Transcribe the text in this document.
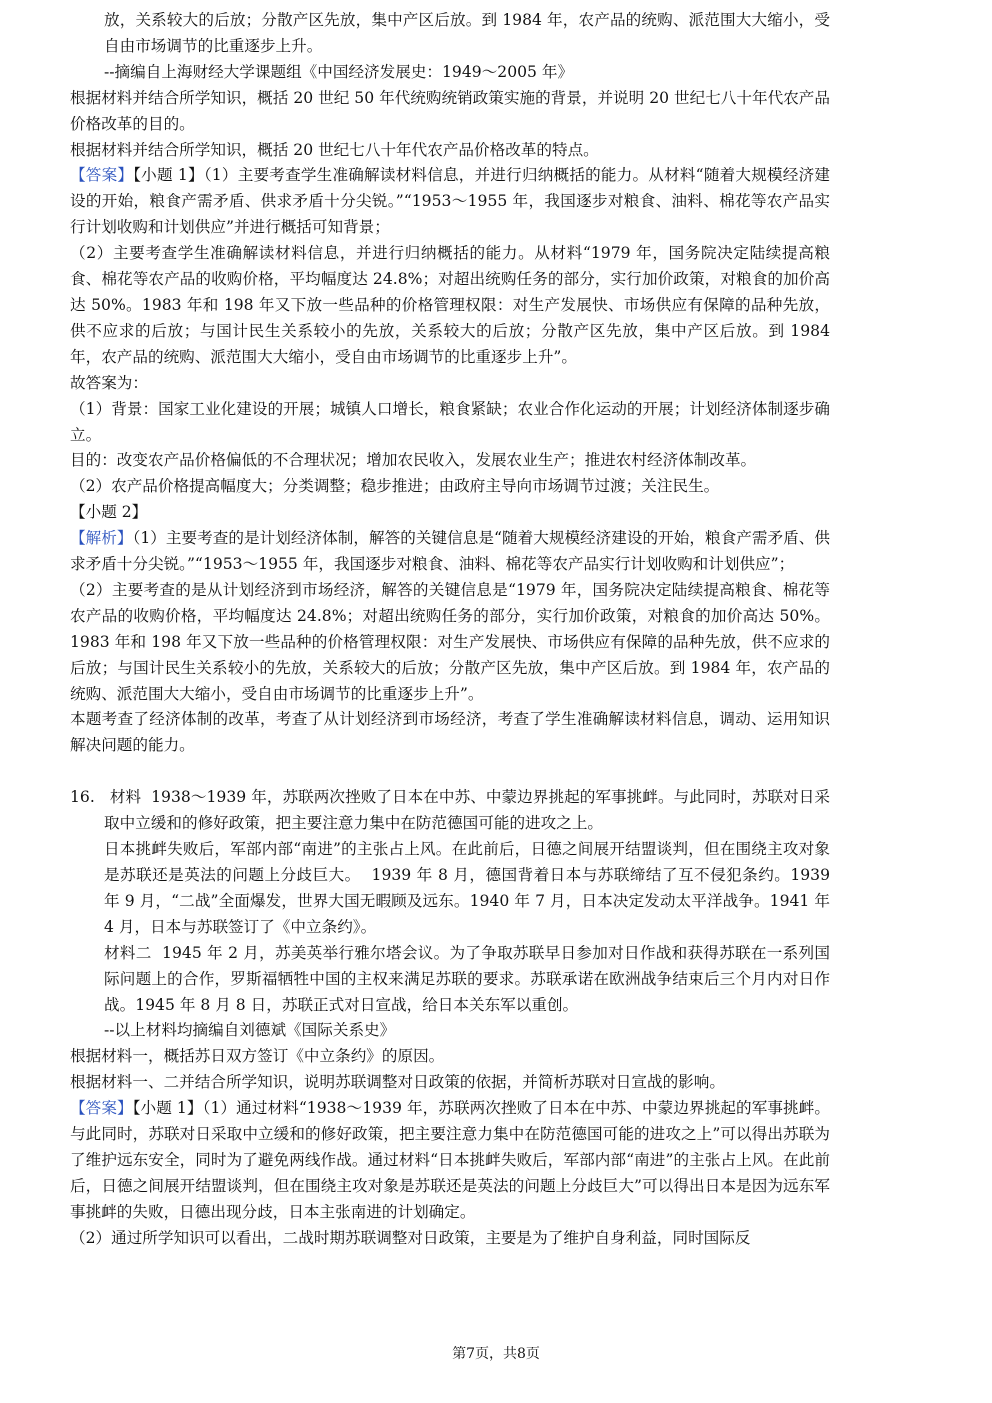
放，关系较大的后放；分散产区先放，集中产区后放。到 1984 年，农产品的统购、派范围大大缩小，受自由市场调节的比重逐步上升。

--摘编自上海财经大学课题组《中国经济发展史：1949～2005 年》

根据材料并结合所学知识，概括 20 世纪 50 年代统购统销政策实施的背景，并说明 20 世纪七八十年代农产品价格改革的目的。

根据材料并结合所学知识，概括 20 世纪七八十年代农产品价格改革的特点。

【答案】【小题 1】（1）主要考查学生准确解读材料信息，并进行归纳概括的能力。从材料“随着大规模经济建设的开始，粮食产需矛盾、供求矛盾十分尖锐。”“1953～1955 年，我国逐步对粮食、油料、棉花等农产品实行计划收购和计划供应”并进行概括可知背景；

（2）主要考查学生准确解读材料信息，并进行归纳概括的能力。从材料“1979 年，国务院决定陆续提高粮食、棉花等农产品的收购价格，平均幅度达 24.8%；对超出统购任务的部分，实行加价政策，对粮食的加价高达 50%。1983 年和 198 年又下放一些品种的价格管理权限：对生产发展快、市场供应有保障的品种先放，供不应求的后放；与国计民生关系较小的先放，关系较大的后放；分散产区先放，集中产区后放。到 1984 年，农产品的统购、派范围大大缩小，受自由市场调节的比重逐步上升”。

故答案为：

（1）背景：国家工业化建设的开展；城镇人口增长，粮食紧缺；农业合作化运动的开展；计划经济体制逐步确立。

目的：改变农产品价格偏低的不合理状况；增加农民收入，发展农业生产；推进农村经济体制改革。

（2）农产品价格提高幅度大；分类调整；稳步推进；由政府主导向市场调节过渡；关注民生。

【小题 2】

【解析】（1）主要考查的是计划经济体制，解答的关键信息是“随着大规模经济建设的开始，粮食产需矛盾、供求矛盾十分尖锐。”“1953～1955 年，我国逐步对粮食、油料、棉花等农产品实行计划收购和计划供应”；

（2）主要考查的是从计划经济到市场经济，解答的关键信息是“1979 年，国务院决定陆续提高粮食、棉花等农产品的收购价格，平均幅度达 24.8%；对超出统购任务的部分，实行加价政策，对粮食的加价高达 50%。1983 年和 198 年又下放一些品种的价格管理权限：对生产发展快、市场供应有保障的品种先放，供不应求的后放；与国计民生关系较小的先放，关系较大的后放；分散产区先放，集中产区后放。到 1984 年，农产品的统购、派范围大大缩小，受自由市场调节的比重逐步上升”。

本题考查了经济体制的改革，考查了从计划经济到市场经济，考查了学生准确解读材料信息，调动、运用知识解决问题的能力。

16.   材料  1938～1939 年，苏联两次挫败了日本在中苏、中蒙边界挑起的军事挑衅。与此同时，苏联对日采取中立缓和的修好政策，把主要注意力集中在防范德国可能的进攻之上。

日本挑衅失败后，军部内部“南进”的主张占上风。在此前后，日德之间展开结盟谈判，但在围绕主攻对象是苏联还是英法的问题上分歧巨大。  1939 年 8 月，德国背着日本与苏联缔结了互不侵犯条约。1939 年 9 月，“二战”全面爆发，世界大国无暇顾及远东。1940 年 7 月，日本决定发动太平洋战争。1941 年 4 月，日本与苏联签订了《中立条约》。

材料二  1945 年 2 月，苏美英举行雅尔塔会议。为了争取苏联早日参加对日作战和获得苏联在一系列国际问题上的合作，罗斯福牺牲中国的主权来满足苏联的要求。苏联承诺在欧洲战争结束后三个月内对日作战。1945 年 8 月 8 日，苏联正式对日宣战，给日本关东军以重创。

--以上材料均摘编自刘德斌《国际关系史》

根据材料一，概括苏日双方签订《中立条约》的原因。

根据材料一、二并结合所学知识，说明苏联调整对日政策的依据，并简析苏联对日宣战的影响。

【答案】【小题 1】（1）通过材料“1938～1939 年，苏联两次挫败了日本在中苏、中蒙边界挑起的军事挑衅。与此同时，苏联对日采取中立缓和的修好政策，把主要注意力集中在防范德国可能的进攻之上”可以得出苏联为了维护远东安全，同时为了避免两线作战。通过材料“日本挑衅失败后，军部内部“南进”的主张占上风。在此前后，日德之间展开结盟谈判，但在围绕主攻对象是苏联还是英法的问题上分歧巨大”可以得出日本是因为远东军事挑衅的失败，日德出现分歧，日本主张南进的计划确定。

（2）通过所学知识可以看出，二战时期苏联调整对日政策，主要是为了维护自身利益，同时国际反

第7页，共8页
